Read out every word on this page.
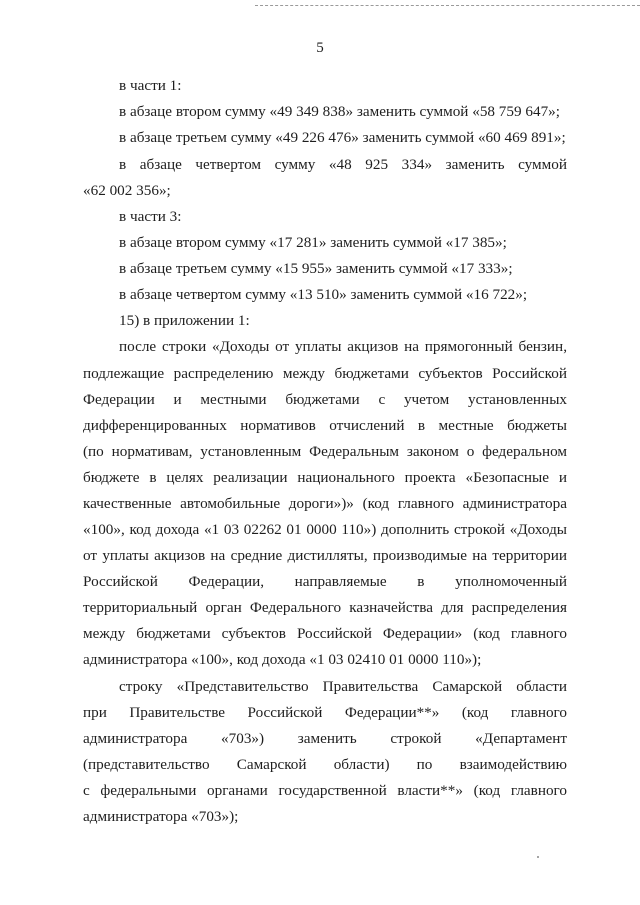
5
в части 1:
в абзаце втором сумму «49 349 838» заменить суммой «58 759 647»;
в абзаце третьем сумму «49 226 476» заменить суммой «60 469 891»;
в абзаце четвертом сумму «48 925 334» заменить суммой
«62 002 356»;
в части 3:
в абзаце втором сумму «17 281» заменить суммой «17 385»;
в абзаце третьем сумму «15 955» заменить суммой «17 333»;
в абзаце четвертом сумму «13 510» заменить суммой «16 722»;
15) в приложении 1:
после строки «Доходы от уплаты акцизов на прямогонный бензин,
подлежащие распределению между бюджетами субъектов Российской
Федерации и местными бюджетами с учетом установленных
дифференцированных нормативов отчислений в местные бюджеты
(по нормативам, установленным Федеральным законом о федеральном
бюджете в целях реализации национального проекта «Безопасные и
качественные автомобильные дороги»)» (код главного администратора
«100», код дохода «1 03 02262 01 0000 110») дополнить строкой «Доходы
от уплаты акцизов на средние дистилляты, производимые на территории
Российской Федерации, направляемые в уполномоченный
территориальный орган Федерального казначейства для распределения
между бюджетами субъектов Российской Федерации» (код главного
администратора «100», код дохода «1 03 02410 01 0000 110»);
строку «Представительство Правительства Самарской области
при Правительстве Российской Федерации**» (код главного
администратора «703») заменить строкой «Департамент
(представительство Самарской области) по взаимодействию
с федеральными органами государственной власти**» (код главного
администратора «703»);
